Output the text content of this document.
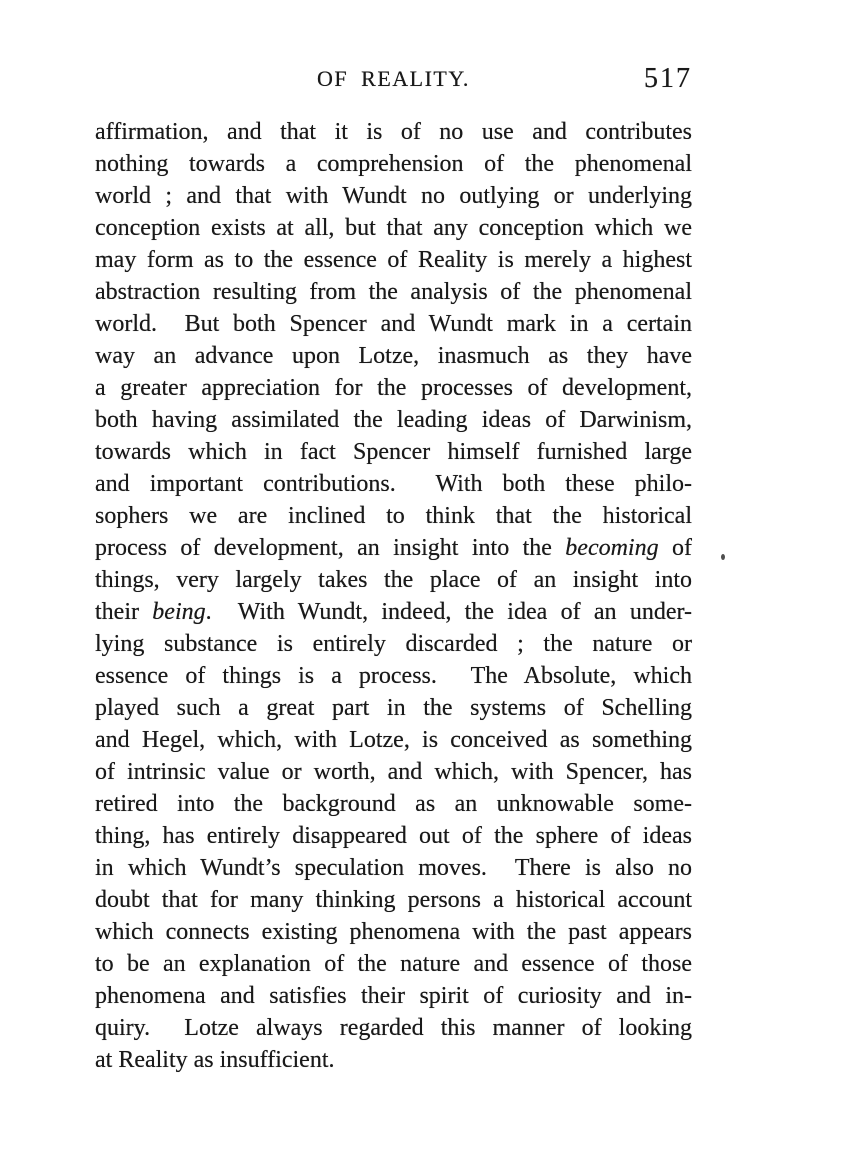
OF REALITY.	517
affirmation, and that it is of no use and contributes
nothing towards a comprehension of the phenomenal
world ; and that with Wundt no outlying or underlying
conception exists at all, but that any conception which we
may form as to the essence of Reality is merely a highest
abstraction resulting from the analysis of the phenomenal
world.  But both Spencer and Wundt mark in a certain
way an advance upon Lotze, inasmuch as they have
a greater appreciation for the processes of development,
both having assimilated the leading ideas of Darwinism,
towards which in fact Spencer himself furnished large
and important contributions.  With both these philo-
sophers we are inclined to think that the historical
process of development, an insight into the becoming of
things, very largely takes the place of an insight into
their being.  With Wundt, indeed, the idea of an under-
lying substance is entirely discarded ; the nature or
essence of things is a process.  The Absolute, which
played such a great part in the systems of Schelling
and Hegel, which, with Lotze, is conceived as something
of intrinsic value or worth, and which, with Spencer, has
retired into the background as an unknowable some-
thing, has entirely disappeared out of the sphere of ideas
in which Wundt’s speculation moves.  There is also no
doubt that for many thinking persons a historical account
which connects existing phenomena with the past appears
to be an explanation of the nature and essence of those
phenomena and satisfies their spirit of curiosity and in-
quiry.  Lotze always regarded this manner of looking
at Reality as insufficient.
